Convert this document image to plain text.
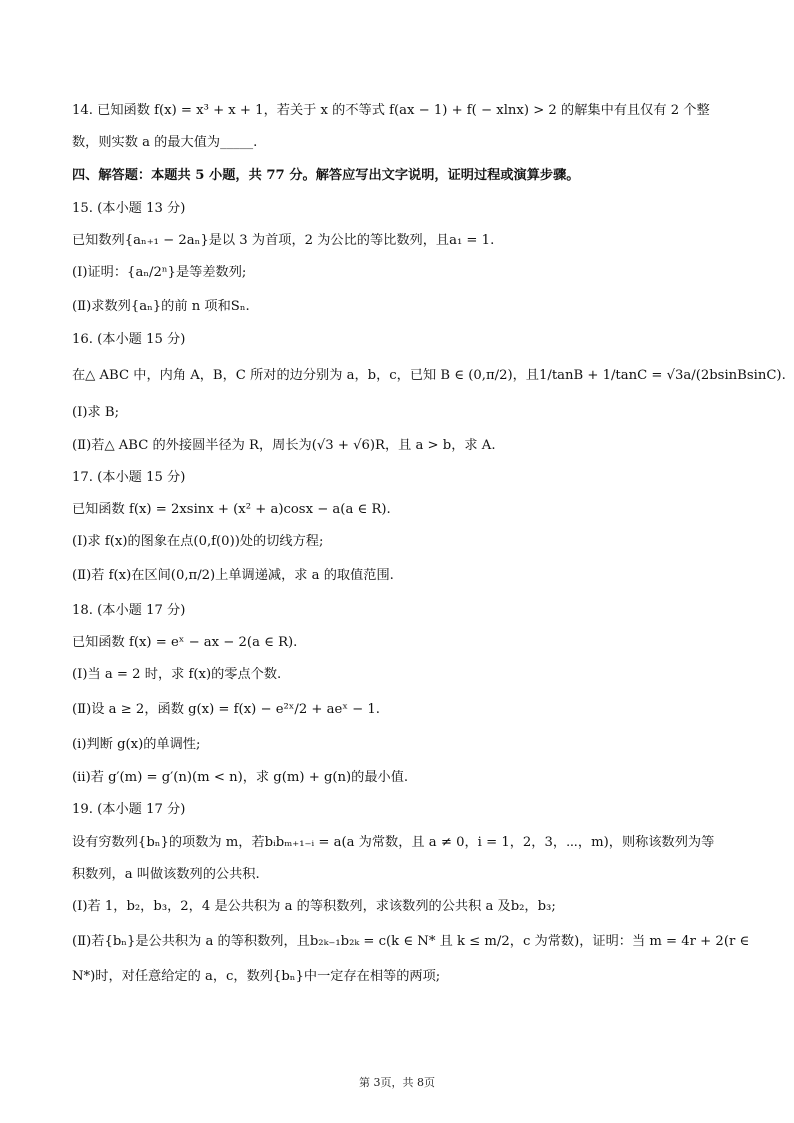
14. 已知函数 f(x) = x³ + x + 1，若关于 x 的不等式 f(ax − 1) + f( − xlnx) > 2 的解集中有且仅有 2 个整
数，则实数 a 的最大值为_____.
四、解答题：本题共 5 小题，共 77 分。解答应写出文字说明，证明过程或演算步骤。
15. (本小题 13 分)
已知数列{aₙ₊₁ − 2aₙ}是以 3 为首项，2 为公比的等比数列，且a₁ = 1.
(Ⅰ)证明：{aₙ/2ⁿ}是等差数列;
(Ⅱ)求数列{aₙ}的前 n 项和Sₙ.
16. (本小题 15 分)
在△ ABC 中，内角 A，B，C 所对的边分别为 a，b，c，已知 B ∈ (0,π/2)，且1/tanB + 1/tanC = √3a/(2bsinBsinC).
(Ⅰ)求 B;
(Ⅱ)若△ ABC 的外接圆半径为 R，周长为(√3 + √6)R，且 a > b，求 A.
17. (本小题 15 分)
已知函数 f(x) = 2xsinx + (x² + a)cosx − a(a ∈ R).
(Ⅰ)求 f(x)的图象在点(0,f(0))处的切线方程;
(Ⅱ)若 f(x)在区间(0,π/2)上单调递减，求 a 的取值范围.
18. (本小题 17 分)
已知函数 f(x) = eˣ − ax − 2(a ∈ R).
(Ⅰ)当 a = 2 时，求 f(x)的零点个数.
(Ⅱ)设 a ≥ 2，函数 g(x) = f(x) − e²ˣ/2 + aeˣ − 1.
(ⅰ)判断 g(x)的单调性;
(ⅱ)若 g′(m) = g′(n)(m < n)，求 g(m) + g(n)的最小值.
19. (本小题 17 分)
设有穷数列{bₙ}的项数为 m，若bᵢbₘ₊₁₋ᵢ = a(a 为常数，且 a ≠ 0，i = 1，2，3，⋯，m)，则称该数列为等
积数列，a 叫做该数列的公共积.
(Ⅰ)若 1，b₂，b₃，2，4 是公共积为 a 的等积数列，求该数列的公共积 a 及b₂，b₃;
(Ⅱ)若{bₙ}是公共积为 a 的等积数列，且b₂ₖ₋₁b₂ₖ = c(k ∈ N* 且 k ≤ m/2，c 为常数)，证明：当 m = 4r + 2(r ∈
N*)时，对任意给定的 a，c，数列{bₙ}中一定存在相等的两项;
第 3页，共 8页
